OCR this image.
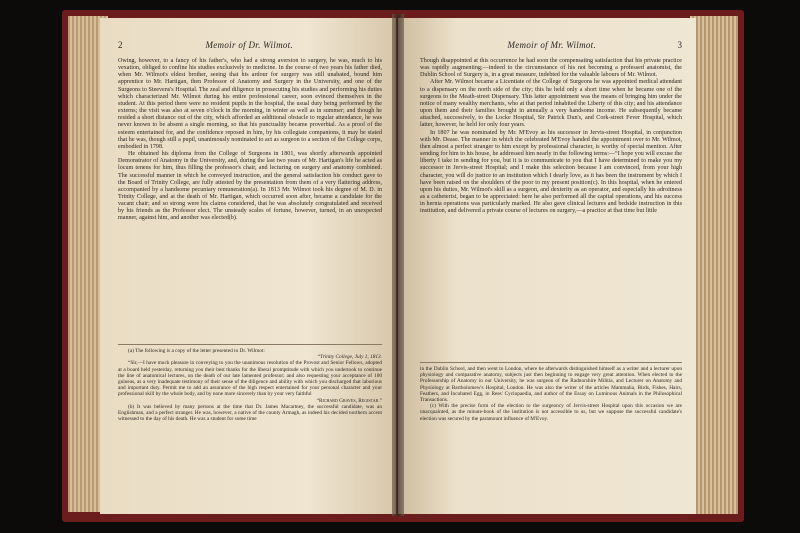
2	Memoir of Dr. Wilmot.

Owing, however, to a fancy of his father's, who had a strong aversion to surgery, he was, much to his vexation, obliged to confine his studies exclusively to medicine. In the course of two years his father died, when Mr. Wilmot's eldest brother, seeing that his ardour for surgery was still unabated, bound him apprentice to Mr. Hartigan, then Professor of Anatomy and Surgery in the University, and one of the Surgeons to Steevens's Hospital. The zeal and diligence in prosecuting his studies and performing his duties which characterized Mr. Wilmot during his entire professional career, soon evinced themselves in the student. At this period there were no resident pupils in the hospital, the usual duty being performed by the externs; the visit was also at seven o'clock in the morning, in winter as well as in summer; and though he resided a short distance out of the city, which afforded an additional obstacle to regular attendance, he was never known to be absent a single morning, so that his punctuality became proverbial. As a proof of the esteem entertained for, and the confidence reposed in him, by his collegiate companions, it may be stated that he was, though still a pupil, unanimously nominated to act as surgeon to a section of the College corps, embodied in 1798.

He obtained his diploma from the College of Surgeons in 1801, was shortly afterwards appointed Demonstrator of Anatomy in the University, and, during the last two years of Mr. Hartigan's life he acted as locum tenens for him, thus filling the professor's chair, and lecturing on surgery and anatomy combined. The successful manner in which he conveyed instruction, and the general satisfaction his conduct gave to the Board of Trinity College, are fully attested by the presentation from them of a very flattering address, accompanied by a handsome pecuniary remuneration(a). In 1813 Mr. Wilmot took his degree of M. D. in Trinity College, and at the death of Mr. Hartigan, which occurred soon after, became a candidate for the vacant chair; and so strong were his claims considered, that he was absolutely congratulated and received by his friends as the Professor elect. The unsteady scales of fortune, however, turned, in an unexpected manner, against him, and another was elected(b).

(a) The following is a copy of the letter presented to Dr. Wilmot:

“Trinity College, July 1, 1813.

“Sir,—I have much pleasure in conveying to you the unanimous resolution of the Provost and Senior Fellows, adopted at a board held yesterday, returning you their best thanks for the liberal promptitude with which you undertook to continue the line of anatomical lectures, on the death of our late lamented professor; and also requesting your acceptance of 100 guineas, as a very inadequate testimony of their sense of the diligence and ability with which you discharged that laborious and important duty. Permit me to add an assurance of the high respect entertained for your personal character and your professional skill by the whole body, and by none more sincerely than by your very faithful

“Richard Graves, Registar.”

(b) It was believed by many persons at the time that Dr. James Macartney, the successful candidate, was an Englishman, and a perfect stranger. He was, however, a native of the county Armagh, as indeed his decided northern accent witnessed to the day of his death. He was a student for some time

Memoir of Mr. Wilmot.	3

Though disappointed at this occurrence he had soon the compensating satisfaction that his private practice was rapidly augmenting;—indeed to the circumstance of his not becoming a professed anatomist, the Dublin School of Surgery is, in a great measure, indebted for the valuable labours of Mr. Wilmot.

After Mr. Wilmot became a Licentiate of the College of Surgeons he was appointed medical attendant to a dispensary on the north side of the city; this he held only a short time when he became one of the surgeons to the Meath-street Dispensary. This latter appointment was the means of bringing him under the notice of many wealthy merchants, who at that period inhabited the Liberty of this city; and his attendance upon them and their families brought in annually a very handsome income. He subsequently became attached, successively, to the Locke Hospital, Sir Patrick Dun's, and Cork-street Fever Hospital, which latter, however, he held for only four years.

In 1807 he was nominated by Mr. M'Evoy as his successor in Jervis-street Hospital, in conjunction with Mr. Dease. The manner in which the celebrated M'Evoy handed the appointment over to Mr. Wilmot, then almost a perfect stranger to him except by professional character, is worthy of special mention. After sending for him to his house, he addressed him nearly in the following terms:—“I hope you will excuse the liberty I take in sending for you, but it is to communicate to you that I have determined to make you my successor in Jervis-street Hospital; and I make this selection because I am convinced, from your high character, you will do justice to an institution which I dearly love, as it has been the instrument by which I have been raised on the shoulders of the poor to my present position(c). In this hospital, when he entered upon his duties, Mr. Wilmot's skill as a surgeon, and dexterity as an operator, and especially his adroitness as a catheterist, began to be appreciated: here he also performed all the capital operations, and his success in hernia operations was particularly marked. He also gave clinical lectures and bedside instruction in this institution, and delivered a private course of lectures on surgery,—a practice at that time but little

in the Dublin School, and then went to London, where he afterwards distinguished himself as a writer and a lecturer upon physiology and comparative anatomy, subjects just then beginning to engage very great attention. When elected to the Professorship of Anatomy in our University, he was surgeon of the Radnorshire Militia, and Lecturer on Anatomy and Physiology at Bartholomew's Hospital, London. He was also the writer of the articles Mammalia, Birds, Fishes, Hairs, Feathers, and Incubated Egg, in Rees' Cyclopaedia, and author of the Essay on Luminous Animals in the Philosophical Transactions.

(c) With the precise form of the election to the surgeoncy of Jervis-street Hospital upon this occasion we are unacquainted, as the minute-book of the institution is not accessible to us, but we suppose the successful candidate's election was secured by the paramount influence of M'Evoy.
